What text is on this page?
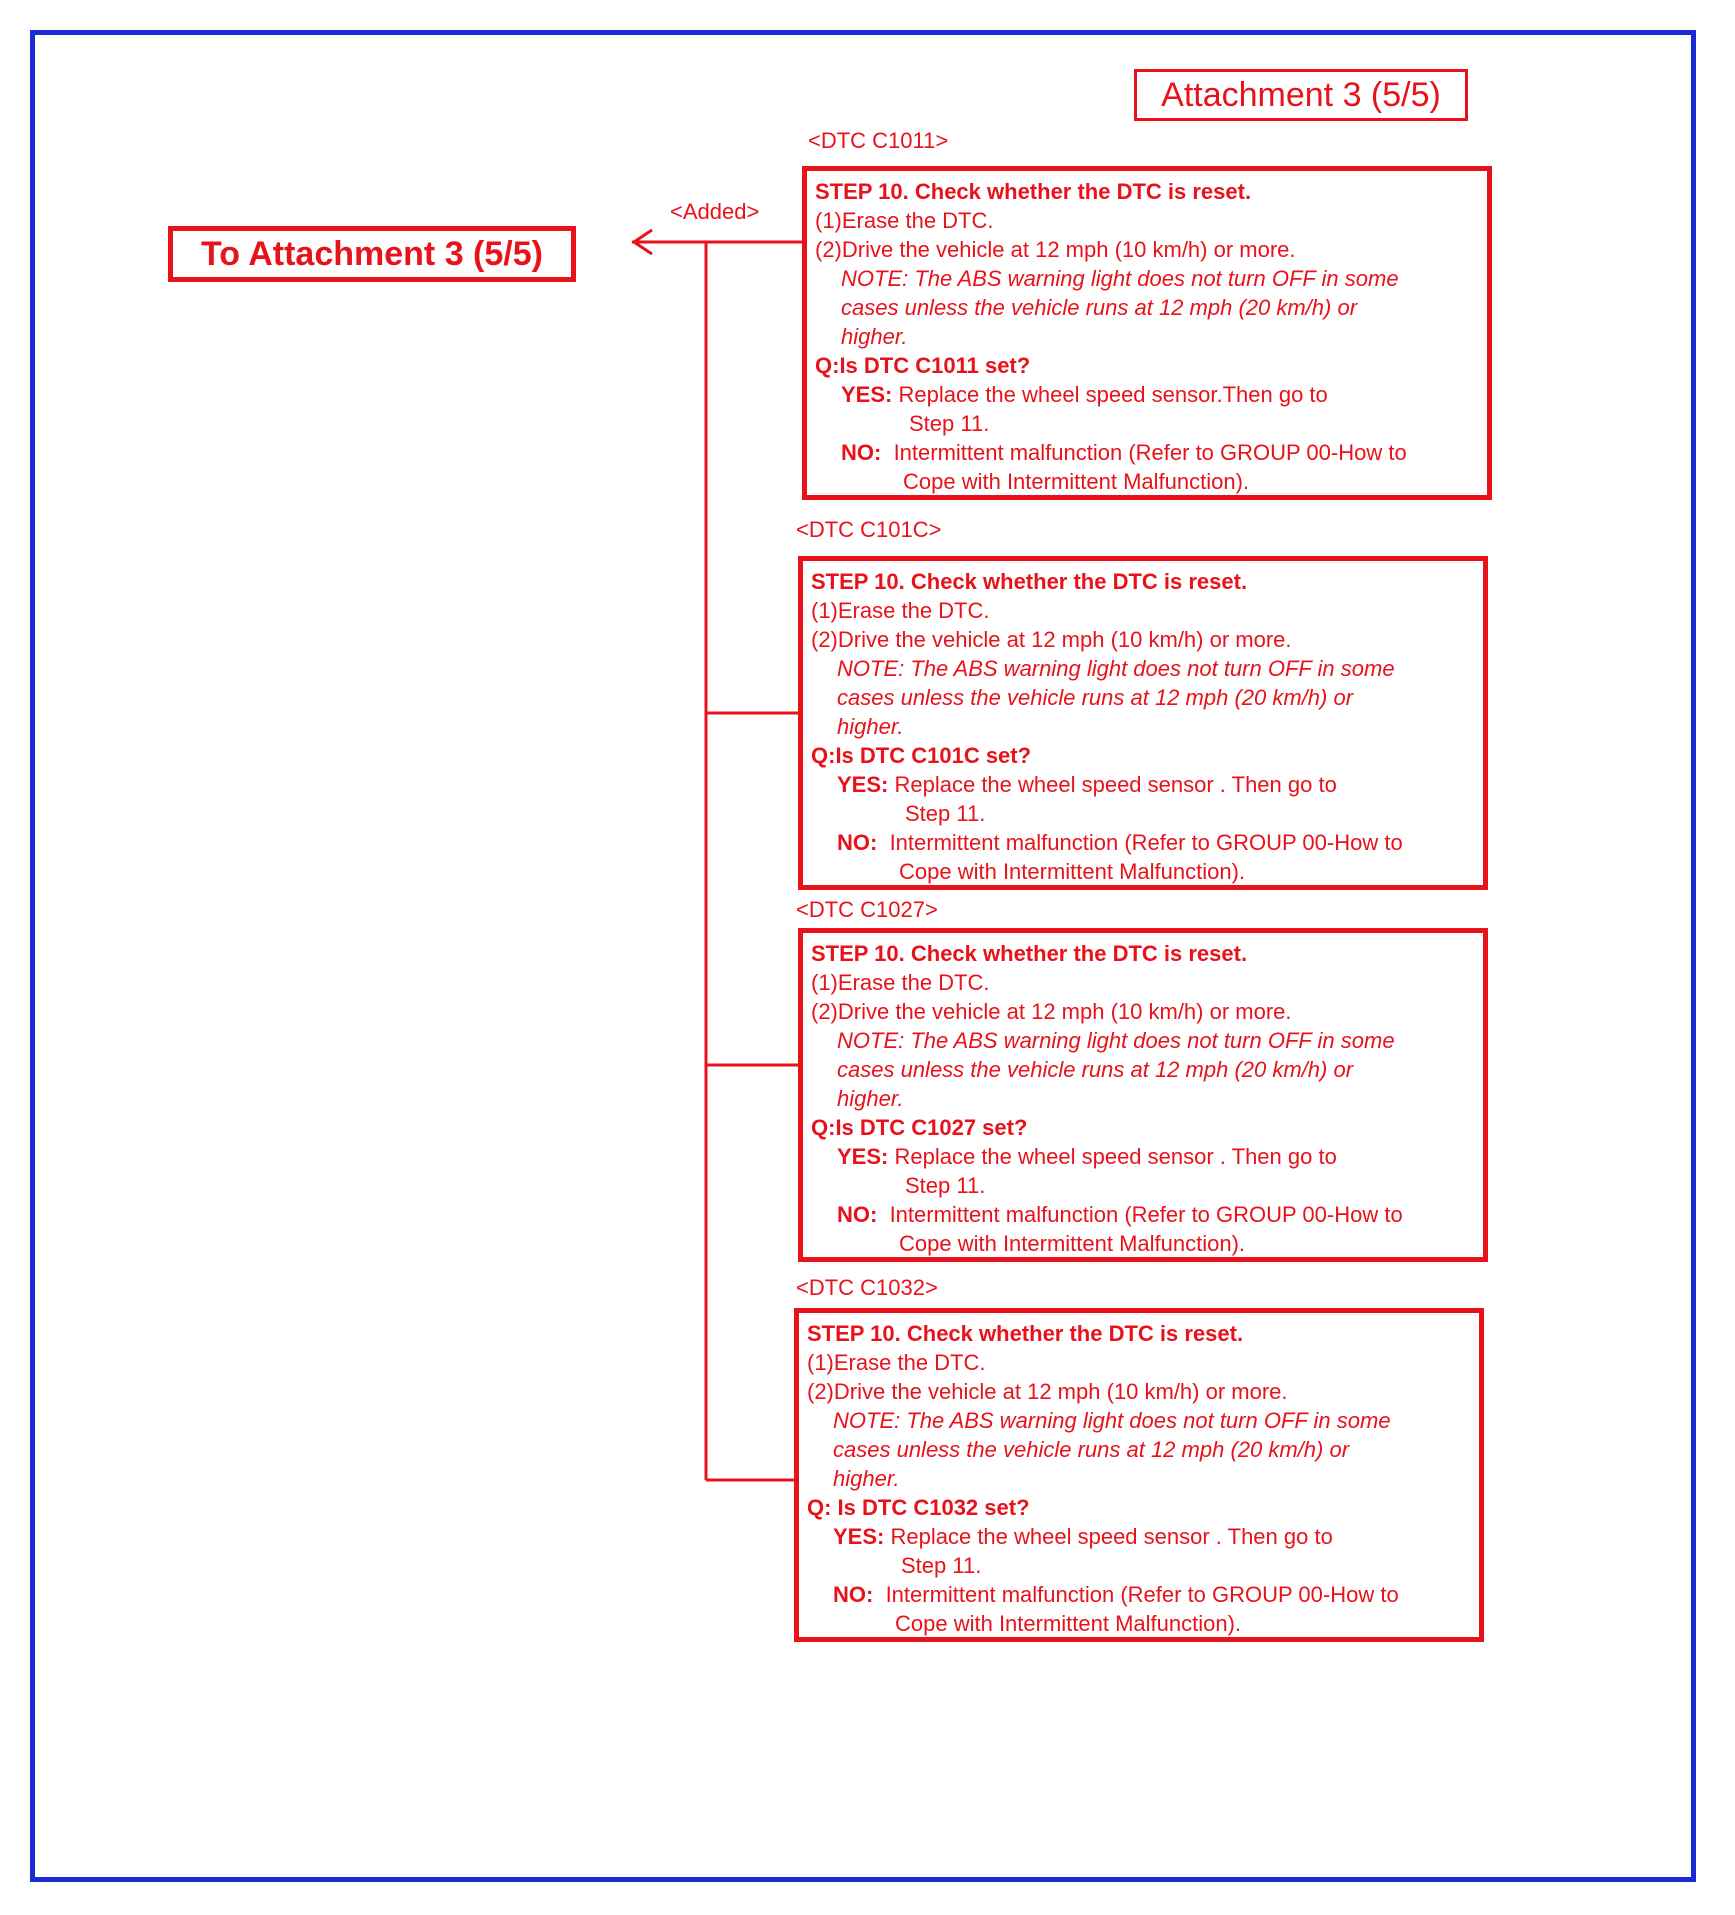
Attachment 3 (5/5)
To Attachment 3 (5/5)
<Added>
<DTC C1011>
STEP 10. Check whether the DTC is reset.
(1)Erase the DTC.
(2)Drive the vehicle at 12 mph (10 km/h) or more.
NOTE: The ABS warning light does not turn OFF in some
cases unless the vehicle runs at 12 mph (20 km/h) or
higher.
Q:Is DTC C1011 set?
YES: Replace the wheel speed sensor.Then go to
Step 11.
NO: Intermittent malfunction (Refer to GROUP 00-How to
Cope with Intermittent Malfunction).
<DTC C101C>
STEP 10. Check whether the DTC is reset.
(1)Erase the DTC.
(2)Drive the vehicle at 12 mph (10 km/h) or more.
NOTE: The ABS warning light does not turn OFF in some
cases unless the vehicle runs at 12 mph (20 km/h) or
higher.
Q:Is DTC C101C set?
YES: Replace the wheel speed sensor . Then go to
Step 11.
NO: Intermittent malfunction (Refer to GROUP 00-How to
Cope with Intermittent Malfunction).
<DTC C1027>
STEP 10. Check whether the DTC is reset.
(1)Erase the DTC.
(2)Drive the vehicle at 12 mph (10 km/h) or more.
NOTE: The ABS warning light does not turn OFF in some
cases unless the vehicle runs at 12 mph (20 km/h) or
higher.
Q:Is DTC C1027 set?
YES: Replace the wheel speed sensor . Then go to
Step 11.
NO: Intermittent malfunction (Refer to GROUP 00-How to
Cope with Intermittent Malfunction).
<DTC C1032>
STEP 10. Check whether the DTC is reset.
(1)Erase the DTC.
(2)Drive the vehicle at 12 mph (10 km/h) or more.
NOTE: The ABS warning light does not turn OFF in some
cases unless the vehicle runs at 12 mph (20 km/h) or
higher.
Q: Is DTC C1032 set?
YES: Replace the wheel speed sensor . Then go to
Step 11.
NO: Intermittent malfunction (Refer to GROUP 00-How to
Cope with Intermittent Malfunction).
